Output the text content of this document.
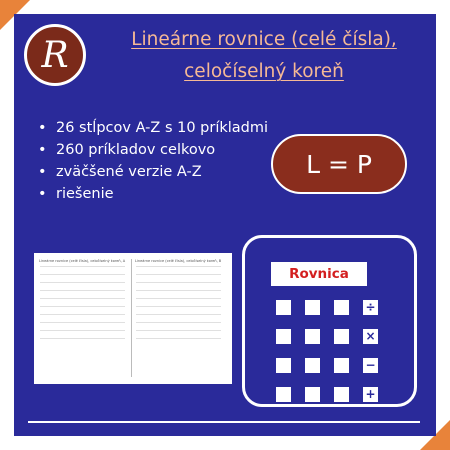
R	Lineárne rovnice (celé čísla),
celočíselný koreň
• 26 stĺpcov A-Z s 10 príkladmi
• 260 príkladov celkovo
• zväčšené verzie A-Z
• riešenie
L = P
Lineárne rovnice (celé čísla), celočíselný koreň, A	Lineárne rovnice (celé čísla), celočíselný koreň, B
Rovnica
÷
×
−
+
